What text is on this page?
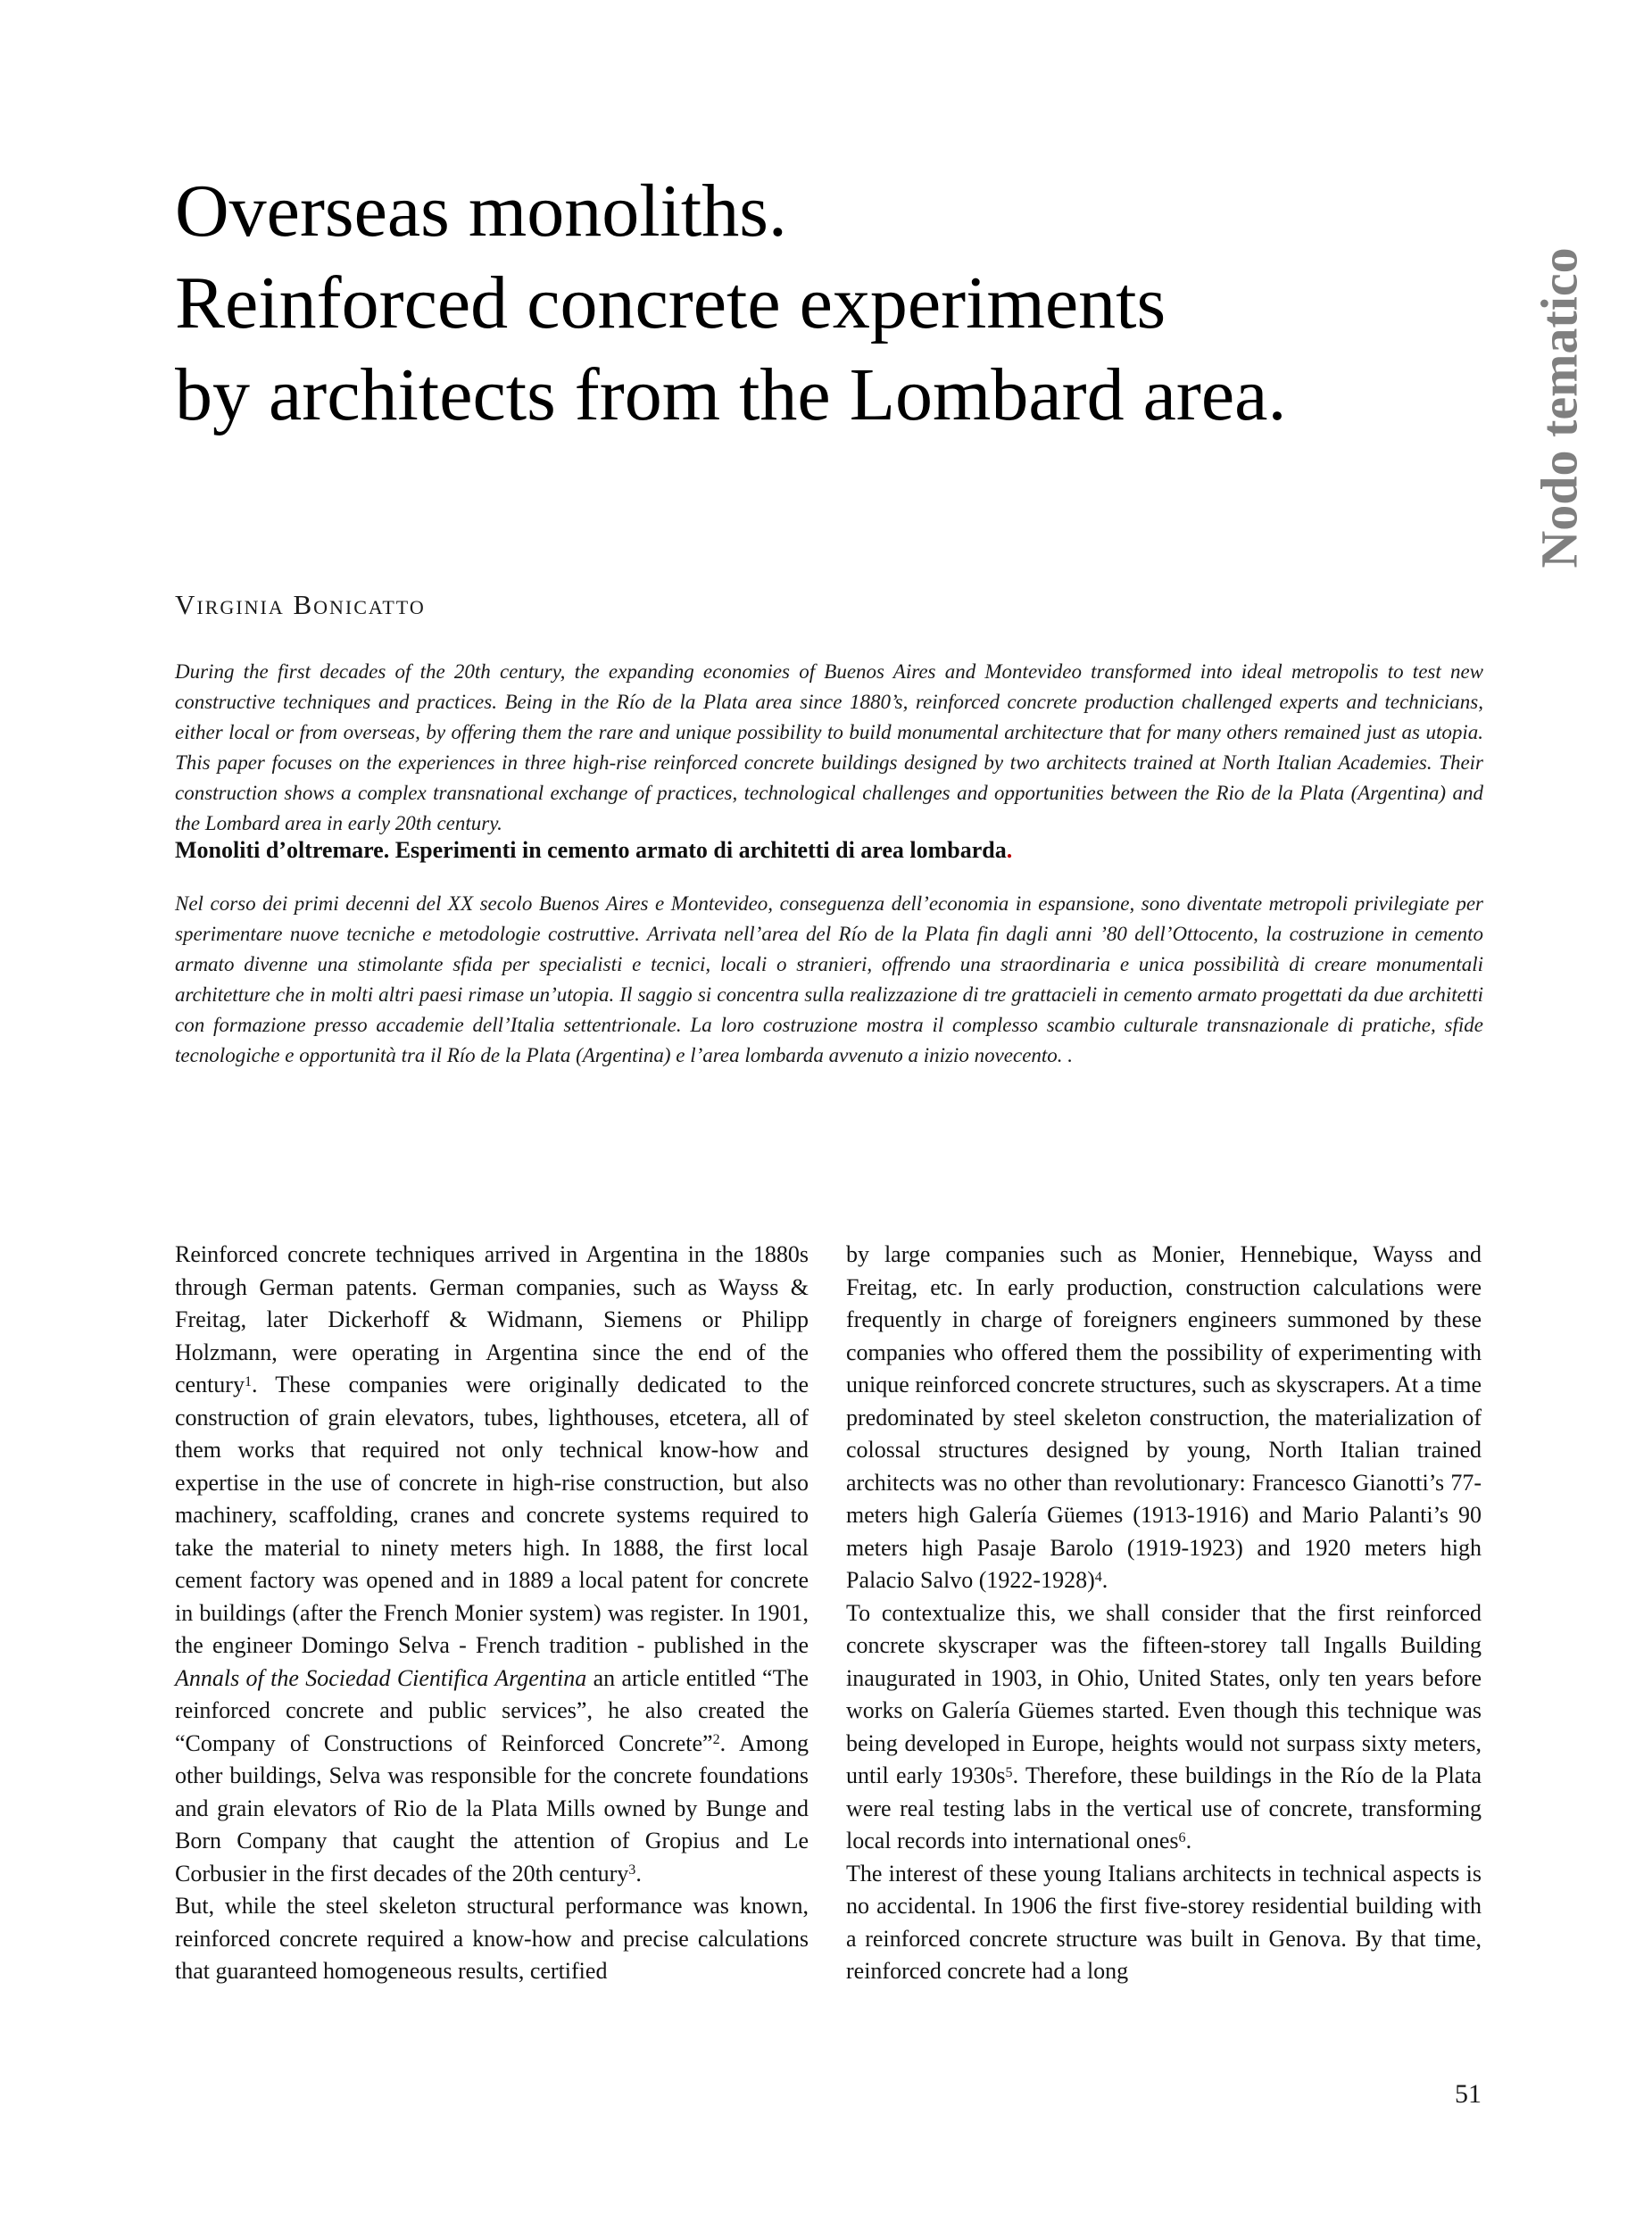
Overseas monoliths.
Reinforced concrete experiments
by architects from the Lombard area.	Nodo tematico
Virginia Bonicatto
During the first decades of the 20th century, the expanding economies of Buenos Aires and Montevideo transformed into ideal metropolis to test new constructive techniques and practices. Being in the Río de la Plata area since 1880’s, reinforced concrete production challenged experts and technicians, either local or from overseas, by offering them the rare and unique possibility to build monumental architecture that for many others remained just as utopia. This paper focuses on the experiences in three high-rise reinforced concrete buildings designed by two architects trained at North Italian Academies. Their construction shows a complex transnational exchange of practices, technological challenges and opportunities between the Rio de la Plata (Argentina) and the Lombard area in early 20th century.
Monoliti d’oltremare. Esperimenti in cemento armato di architetti di area lombarda.
Nel corso dei primi decenni del XX secolo Buenos Aires e Montevideo, conseguenza dell’economia in espansione, sono diventate metropoli privilegiate per sperimentare nuove tecniche e metodologie costruttive. Arrivata nell’area del Río de la Plata fin dagli anni ’80 dell’Ottocento, la costruzione in cemento armato divenne una stimolante sfida per specialisti e tecnici, locali o stranieri, offrendo una straordinaria e unica possibilità di creare monumentali architetture che in molti altri paesi rimase un’utopia. Il saggio si concentra sulla realizzazione di tre grattacieli in cemento armato progettati da due architetti con formazione presso accademie dell’Italia settentrionale. La loro costruzione mostra il complesso scambio culturale transnazionale di pratiche, sfide tecnologiche e opportunità tra il Río de la Plata (Argentina) e l’area lombarda avvenuto a inizio novecento. .

Reinforced concrete techniques arrived in Argentina in the 1880s through German patents. German companies, such as Wayss & Freitag, later Dickerhoff & Widmann, Siemens or Philipp Holzmann, were operating in Argentina since the end of the century$^1$. These companies were originally dedicated to the construction of grain elevators, tubes, lighthouses, etcetera, all of them works that required not only technical know-how and expertise in the use of concrete in high-rise construction, but also machinery, scaffolding, cranes and concrete systems required to take the material to ninety meters high. In 1888, the first local cement factory was opened and in 1889 a local patent for concrete in buildings (after the French Monier system) was register. In 1901, the engineer Domingo Selva - French tradition - published in the Annals of the Sociedad Cientifica Argentina an article entitled “The reinforced concrete and public services”, he also created the “Company of Constructions of Reinforced Concrete”$^2$. Among other buildings, Selva was responsible for the concrete foundations and grain elevators of Rio de la Plata Mills owned by Bunge and Born Company that caught the attention of Gropius and Le Corbusier in the first decades of the 20th century$^3$.

But, while the steel skeleton structural performance was known, reinforced concrete required a know-how and precise calculations that guaranteed homogeneous results, certified

by large companies such as Monier, Hennebique, Wayss and Freitag, etc. In early production, construction calculations were frequently in charge of foreigners engineers summoned by these companies who offered them the possibility of experimenting with unique reinforced concrete structures, such as skyscrapers. At a time predominated by steel skeleton construction, the materialization of colossal structures designed by young, North Italian trained architects was no other than revolutionary: Francesco Gianotti’s 77-meters high Galería Güemes (1913-1916) and Mario Palanti’s 90 meters high Pasaje Barolo (1919-1923) and 1920 meters high Palacio Salvo (1922-1928)$^4$.

To contextualize this, we shall consider that the first reinforced concrete skyscraper was the fifteen-storey tall Ingalls Building inaugurated in 1903, in Ohio, United States, only ten years before works on Galería Güemes started. Even though this technique was being developed in Europe, heights would not surpass sixty meters, until early $1930s^5$. Therefore, these buildings in the Río de la Plata were real testing labs in the vertical use of concrete, transforming local records into international ones$^6$.

The interest of these young Italians architects in technical aspects is no accidental. In 1906 the first five-storey residential building with a reinforced concrete structure was built in Genova. By that time, reinforced concrete had a long

51
